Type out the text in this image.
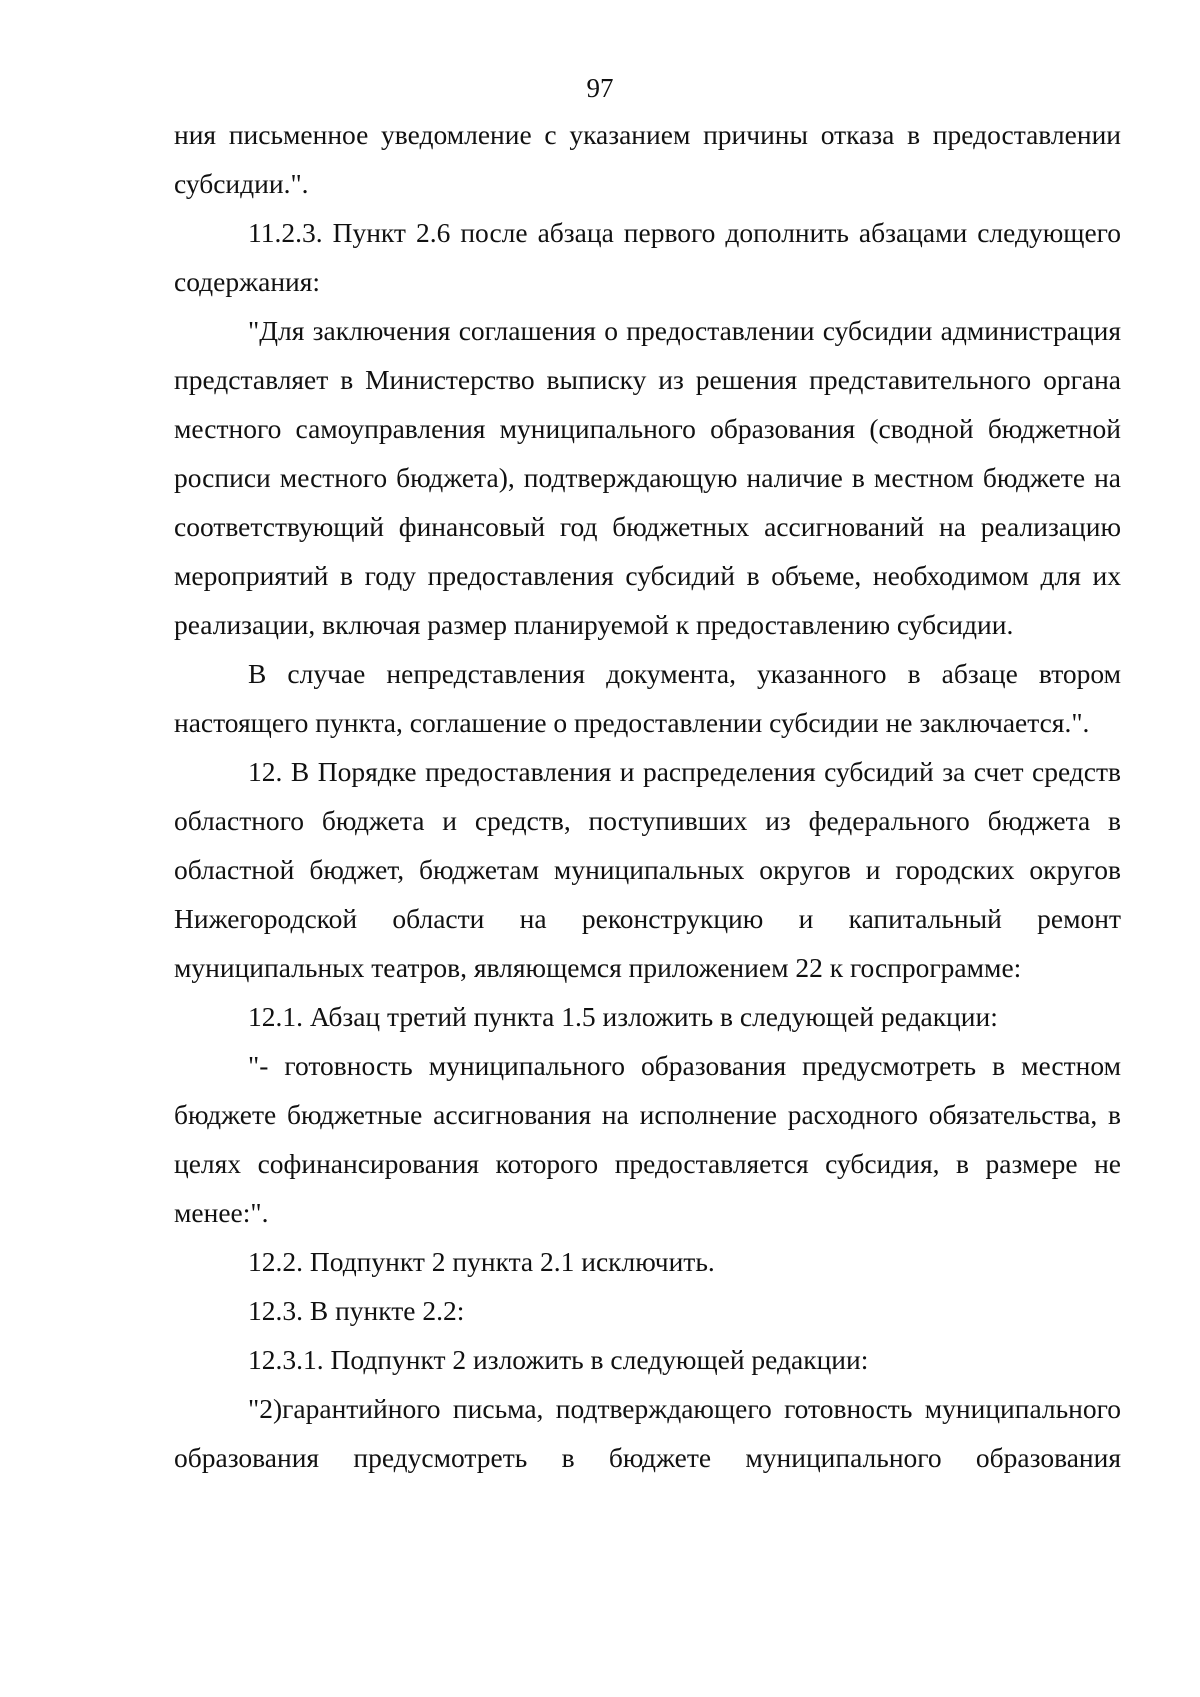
97

ния письменное уведомление с указанием причины отказа в предоставлении субсидии.".

11.2.3. Пункт 2.6 после абзаца первого дополнить абзацами следующего содержания:

"Для заключения соглашения о предоставлении субсидии администрация представляет в Министерство выписку из решения представительного органа местного самоуправления муниципального образования (сводной бюджетной росписи местного бюджета), подтверждающую наличие в местном бюджете на соответствующий финансовый год бюджетных ассигнований на реализацию мероприятий в году предоставления субсидий в объеме, необходимом для их реализации, включая размер планируемой к предоставлению субсидии.

В случае непредставления документа, указанного в абзаце втором настоящего пункта, соглашение о предоставлении субсидии не заключается.".

12. В Порядке предоставления и распределения субсидий за счет средств областного бюджета и средств, поступивших из федерального бюджета в областной бюджет, бюджетам муниципальных округов и городских округов Нижегородской области на реконструкцию и капитальный ремонт муниципальных театров, являющемся приложением 22 к госпрограмме:

12.1. Абзац третий пункта 1.5 изложить в следующей редакции:

"- готовность муниципального образования предусмотреть в местном бюджете бюджетные ассигнования на исполнение расходного обязательства, в целях софинансирования которого предоставляется субсидия, в размере не менее:".

12.2. Подпункт 2 пункта 2.1 исключить.

12.3. В пункте 2.2:

12.3.1. Подпункт 2 изложить в следующей редакции:

"2)гарантийного письма, подтверждающего готовность муниципального образования предусмотреть в бюджете муниципального образования
